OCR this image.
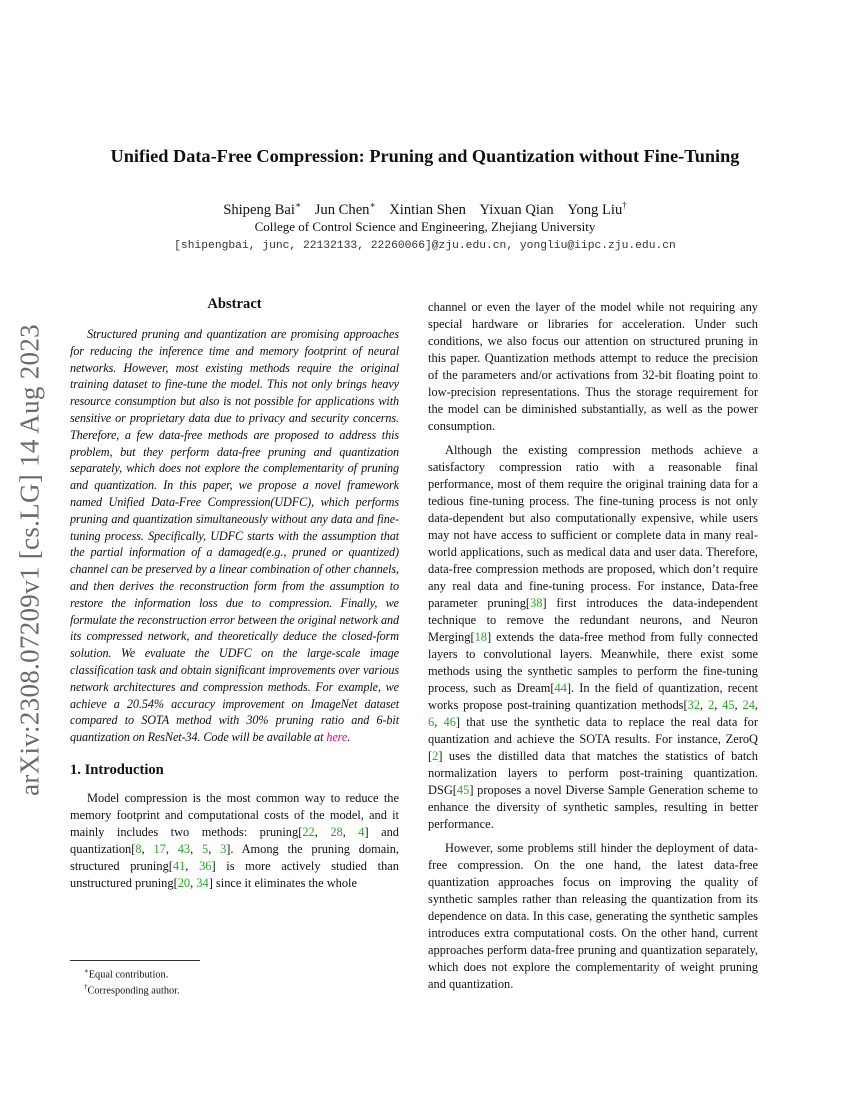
arXiv:2308.07209v1 [cs.LG] 14 Aug 2023
Unified Data-Free Compression: Pruning and Quantization without Fine-Tuning
Shipeng Bai∗ Jun Chen∗ Xintian Shen Yixuan Qian Yong Liu†
College of Control Science and Engineering, Zhejiang University
[shipengbai, junc, 22132133, 22260066]@zju.edu.cn, yongliu@iipc.zju.edu.cn
Abstract

Structured pruning and quantization are promising approaches for reducing the inference time and memory footprint of neural networks. However, most existing methods require the original training dataset to fine-tune the model. This not only brings heavy resource consumption but also is not possible for applications with sensitive or proprietary data due to privacy and security concerns. Therefore, a few data-free methods are proposed to address this problem, but they perform data-free pruning and quantization separately, which does not explore the complementarity of pruning and quantization. In this paper, we propose a novel framework named Unified Data-Free Compression(UDFC), which performs pruning and quantization simultaneously without any data and fine-tuning process. Specifically, UDFC starts with the assumption that the partial information of a damaged(e.g., pruned or quantized) channel can be preserved by a linear combination of other channels, and then derives the reconstruction form from the assumption to restore the information loss due to compression. Finally, we formulate the reconstruction error between the original network and its compressed network, and theoretically deduce the closed-form solution. We evaluate the UDFC on the large-scale image classification task and obtain significant improvements over various network architectures and compression methods. For example, we achieve a 20.54% accuracy improvement on ImageNet dataset compared to SOTA method with 30% pruning ratio and 6-bit quantization on ResNet-34. Code will be available at here.

1. Introduction

Model compression is the most common way to reduce the memory footprint and computational costs of the model, and it mainly includes two methods: pruning[22, 28, 4] and quantization[8, 17, 43, 5, 3]. Among the pruning domain, structured pruning[41, 36] is more actively studied than unstructured pruning[20, 34] since it eliminates the whole

∗Equal contribution.
†Corresponding author.

channel or even the layer of the model while not requiring any special hardware or libraries for acceleration. Under such conditions, we also focus our attention on structured pruning in this paper. Quantization methods attempt to reduce the precision of the parameters and/or activations from 32-bit floating point to low-precision representations. Thus the storage requirement for the model can be diminished substantially, as well as the power consumption.

Although the existing compression methods achieve a satisfactory compression ratio with a reasonable final performance, most of them require the original training data for a tedious fine-tuning process. The fine-tuning process is not only data-dependent but also computationally expensive, while users may not have access to sufficient or complete data in many real-world applications, such as medical data and user data. Therefore, data-free compression methods are proposed, which don’t require any real data and fine-tuning process. For instance, Data-free parameter pruning[38] first introduces the data-independent technique to remove the redundant neurons, and Neuron Merging[18] extends the data-free method from fully connected layers to convolutional layers. Meanwhile, there exist some methods using the synthetic samples to perform the fine-tuning process, such as Dream[44]. In the field of quantization, recent works propose post-training quantization methods[32, 2, 45, 24, 6, 46] that use the synthetic data to replace the real data for quantization and achieve the SOTA results. For instance, ZeroQ [2] uses the distilled data that matches the statistics of batch normalization layers to perform post-training quantization. DSG[45] proposes a novel Diverse Sample Generation scheme to enhance the diversity of synthetic samples, resulting in better performance.

However, some problems still hinder the deployment of data-free compression. On the one hand, the latest data-free quantization approaches focus on improving the quality of synthetic samples rather than releasing the quantization from its dependence on data. In this case, generating the synthetic samples introduces extra computational costs. On the other hand, current approaches perform data-free pruning and quantization separately, which does not explore the complementarity of weight pruning and quantization.
